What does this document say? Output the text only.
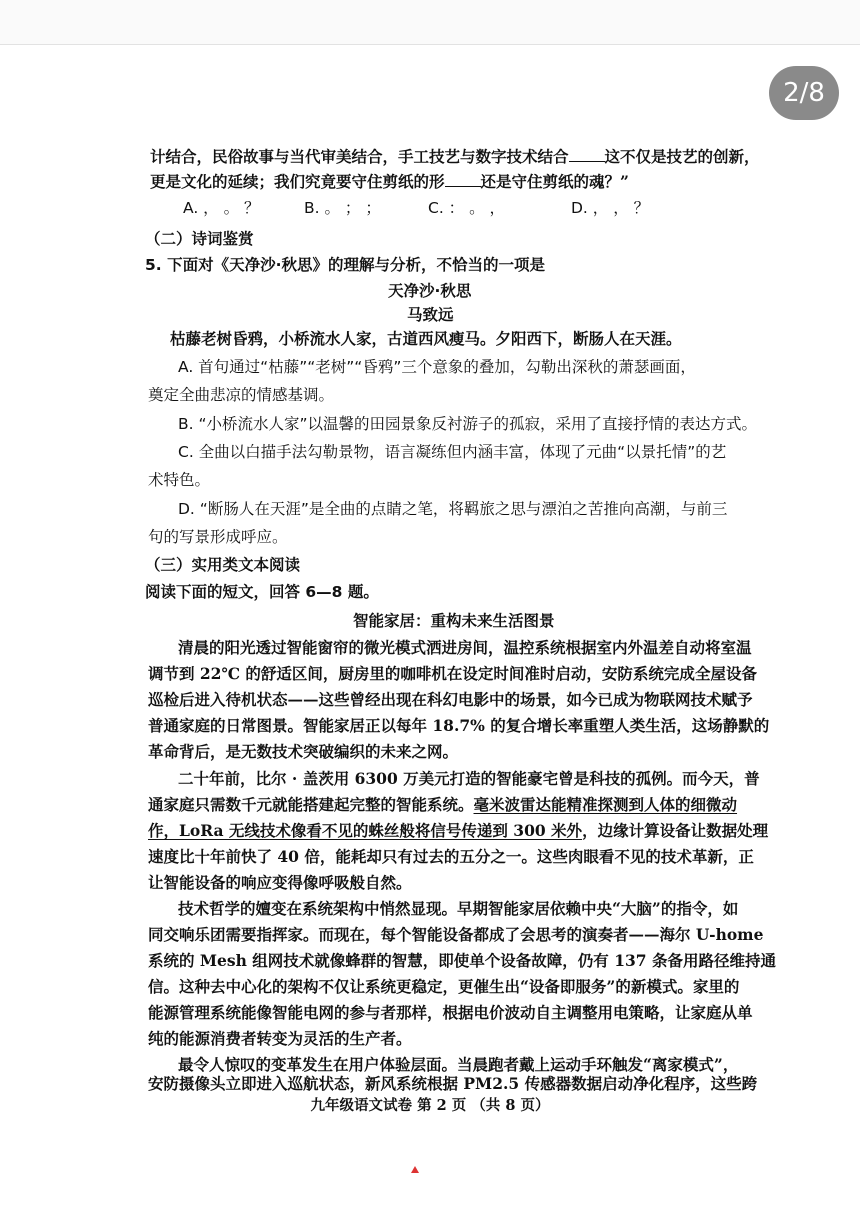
2/8
计结合，民俗故事与当代审美结合，手工技艺与数字技术结合 这不仅是技艺的创新，
更是文化的延续；我们究竟要守住剪纸的形 还是守住剪纸的魂？”
A. ， 。 ？	B. 。 ； ；	C. ： 。 ，	D. ， ， ？
（二）诗词鉴赏
5. 下面对《天净沙·秋思》的理解与分析，不恰当的一项是
天净沙·秋思
马致远
枯藤老树昏鸦，小桥流水人家，古道西风瘦马。夕阳西下，断肠人在天涯。
A. 首句通过“枯藤”“老树”“昏鸦”三个意象的叠加，勾勒出深秋的萧瑟画面，
奠定全曲悲凉的情感基调。
B. “小桥流水人家”以温馨的田园景象反衬游子的孤寂，采用了直接抒情的表达方式。
C. 全曲以白描手法勾勒景物，语言凝练但内涵丰富，体现了元曲“以景托情”的艺
术特色。
D. “断肠人在天涯”是全曲的点睛之笔，将羁旅之思与漂泊之苦推向高潮，与前三
句的写景形成呼应。
（三）实用类文本阅读
阅读下面的短文，回答 6—8 题。
智能家居：重构未来生活图景
清晨的阳光透过智能窗帘的微光模式洒进房间，温控系统根据室内外温差自动将室温
调节到 22℃ 的舒适区间，厨房里的咖啡机在设定时间准时启动，安防系统完成全屋设备
巡检后进入待机状态——这些曾经出现在科幻电影中的场景，如今已成为物联网技术赋予
普通家庭的日常图景。智能家居正以每年 18.7% 的复合增长率重塑人类生活，这场静默的
革命背后，是无数技术突破编织的未来之网。
二十年前，比尔 · 盖茨用 6300 万美元打造的智能豪宅曾是科技的孤例。而今天，普
通家庭只需数千元就能搭建起完整的智能系统。毫米波雷达能精准探测到人体的细微动
作，LoRa 无线技术像看不见的蛛丝般将信号传递到 300 米外，边缘计算设备让数据处理
速度比十年前快了 40 倍，能耗却只有过去的五分之一。这些肉眼看不见的技术革新，正
让智能设备的响应变得像呼吸般自然。
技术哲学的嬗变在系统架构中悄然显现。早期智能家居依赖中央“大脑”的指令，如
同交响乐团需要指挥家。而现在，每个智能设备都成了会思考的演奏者——海尔 U-home
系统的 Mesh 组网技术就像蜂群的智慧，即使单个设备故障，仍有 137 条备用路径维持通
信。这种去中心化的架构不仅让系统更稳定，更催生出“设备即服务”的新模式。家里的
能源管理系统能像智能电网的参与者那样，根据电价波动自主调整用电策略，让家庭从单
纯的能源消费者转变为灵活的生产者。
最令人惊叹的变革发生在用户体验层面。当晨跑者戴上运动手环触发“离家模式”，
安防摄像头立即进入巡航状态，新风系统根据 PM2.5 传感器数据启动净化程序，这些跨
九年级语文试卷 第 2 页 （共 8 页）
